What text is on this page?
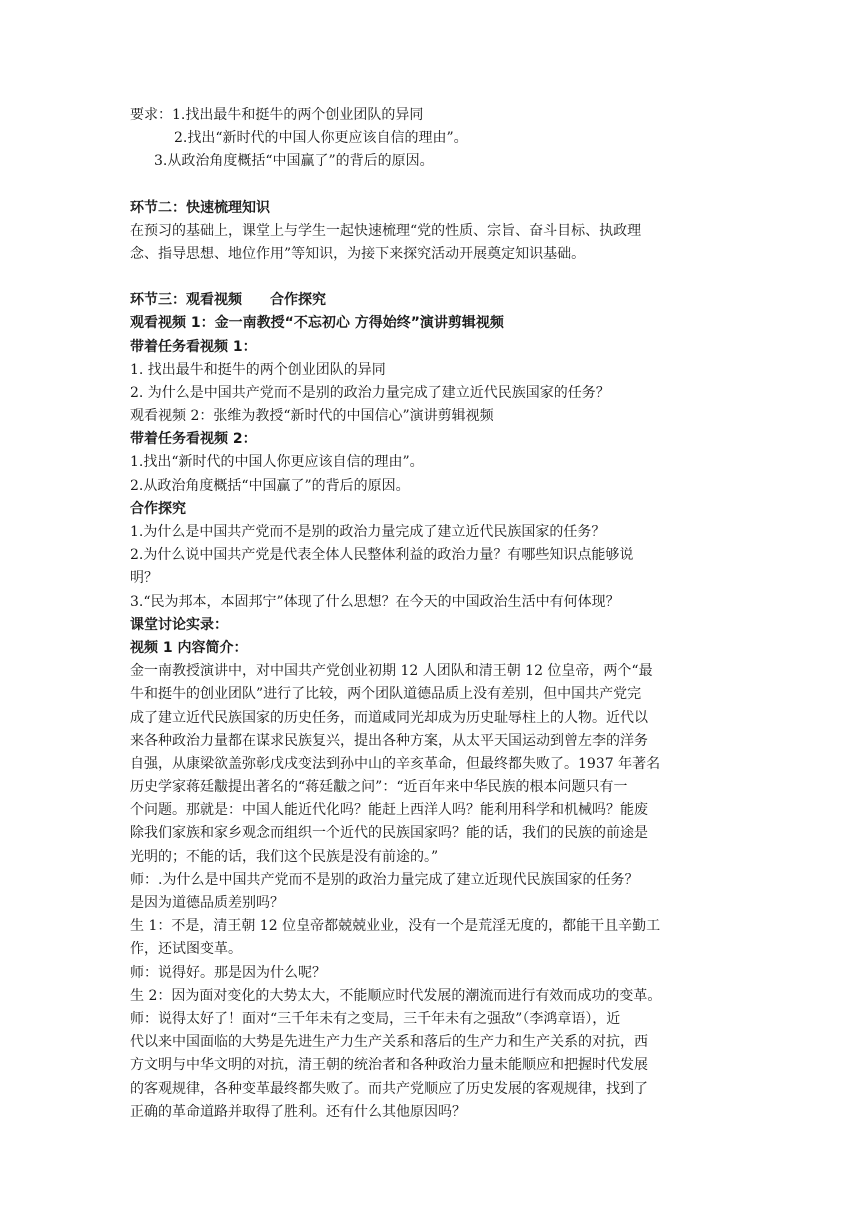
要求：1.找出最牛和挺牛的两个创业团队的异同
2.找出“新时代的中国人你更应该自信的理由”。
3.从政治角度概括“中国赢了”的背后的原因。
环节二：快速梳理知识
在预习的基础上，课堂上与学生一起快速梳理“党的性质、宗旨、奋斗目标、执政理
念、指导思想、地位作用”等知识，为接下来探究活动开展奠定知识基础。
环节三：观看视频　　合作探究
观看视频 1：金一南教授“不忘初心 方得始终”演讲剪辑视频
带着任务看视频 1：
1. 找出最牛和挺牛的两个创业团队的异同
2. 为什么是中国共产党而不是别的政治力量完成了建立近代民族国家的任务？
观看视频 2：张维为教授“新时代的中国信心”演讲剪辑视频
带着任务看视频 2：
1.找出“新时代的中国人你更应该自信的理由”。
2.从政治角度概括“中国赢了”的背后的原因。
合作探究
1.为什么是中国共产党而不是别的政治力量完成了建立近代民族国家的任务？
2.为什么说中国共产党是代表全体人民整体利益的政治力量？有哪些知识点能够说
明？
3.“民为邦本，本固邦宁”体现了什么思想？在今天的中国政治生活中有何体现？
课堂讨论实录：
视频 1 内容简介：
金一南教授演讲中，对中国共产党创业初期 12 人团队和清王朝 12 位皇帝，两个“最
牛和挺牛的创业团队”进行了比较，两个团队道德品质上没有差别，但中国共产党完
成了建立近代民族国家的历史任务，而道咸同光却成为历史耻辱柱上的人物。近代以
来各种政治力量都在谋求民族复兴，提出各种方案，从太平天国运动到曾左李的洋务
自强，从康梁欲盖弥彰戊戌变法到孙中山的辛亥革命，但最终都失败了。1937 年著名
历史学家蒋廷黻提出著名的“蒋廷黻之问”：“近百年来中华民族的根本问题只有一
个问题。那就是：中国人能近代化吗？能赶上西洋人吗？能利用科学和机械吗？能废
除我们家族和家乡观念而组织一个近代的民族国家吗？能的话，我们的民族的前途是
光明的；不能的话，我们这个民族是没有前途的。”
师：.为什么是中国共产党而不是别的政治力量完成了建立近现代民族国家的任务？
是因为道德品质差别吗？
生 1：不是，清王朝 12 位皇帝都兢兢业业，没有一个是荒淫无度的，都能干且辛勤工
作，还试图变革。
师：说得好。那是因为什么呢？
生 2：因为面对变化的大势太大，不能顺应时代发展的潮流而进行有效而成功的变革。
师：说得太好了！面对“三千年未有之变局，三千年未有之强敌”（李鸿章语），近
代以来中国面临的大势是先进生产力生产关系和落后的生产力和生产关系的对抗，西
方文明与中华文明的对抗，清王朝的统治者和各种政治力量未能顺应和把握时代发展
的客观规律，各种变革最终都失败了。而共产党顺应了历史发展的客观规律，找到了
正确的革命道路并取得了胜利。还有什么其他原因吗？
